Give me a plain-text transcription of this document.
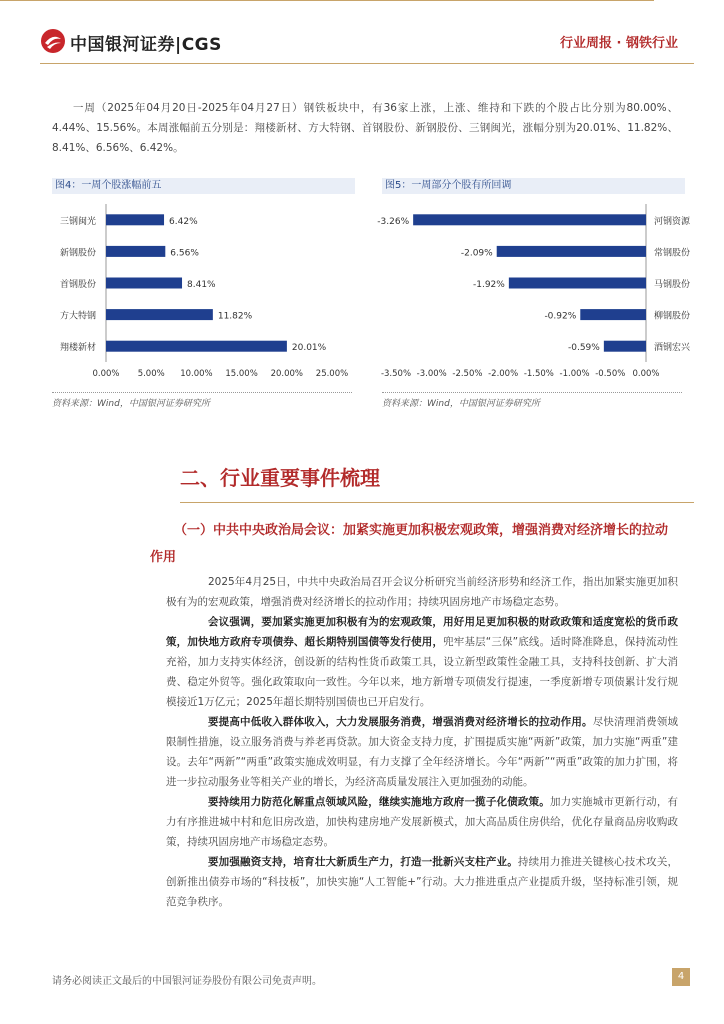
中国银河证券|CGS	行业周报 · 钢铁行业
一周（2025年04月20日-2025年04月27日）钢铁板块中，有36家上涨，上涨、维持和下跌的个股占比分别为80.00%、4.44%、15.56%。本周涨幅前五分别是：翔楼新材、方大特钢、首钢股份、新钢股份、三钢闽光，涨幅分别为20.01%、11.82%、8.41%、6.56%、6.42%。
图4：一周个股涨幅前五
三钢闽光	6.42%
新钢股份	6.56%
首钢股份	8.41%
方大特钢	11.82%
翔楼新材	20.01%
0.00% 5.00% 10.00% 15.00% 20.00% 25.00%
资料来源：Wind，中国银河证券研究所
图5：一周部分个股有所回调
河钢资源
-3.26%
常钢股份
-2.09%
马钢股份
-1.92%
柳钢股份
-0.92%
酒钢宏兴
-0.59%
-3.50% -3.00% -2.50% -2.00% -1.50% -1.00% -0.50% 0.00%
资料来源：Wind，中国银河证券研究所
二、行业重要事件梳理
（一）中共中央政治局会议：加紧实施更加积极宏观政策，增强消费对经济增长的拉动作用
2025年4月25日，中共中央政治局召开会议分析研究当前经济形势和经济工作，指出加紧实施更加积极有为的宏观政策，增强消费对经济增长的拉动作用；持续巩固房地产市场稳定态势。
会议强调，要加紧实施更加积极有为的宏观政策，用好用足更加积极的财政政策和适度宽松的货币政策，加快地方政府专项债券、超长期特别国债等发行使用，兜牢基层“三保”底线。适时降准降息，保持流动性充裕，加力支持实体经济，创设新的结构性货币政策工具，设立新型政策性金融工具，支持科技创新、扩大消费、稳定外贸等。强化政策取向一致性。今年以来，地方新增专项债发行提速，一季度新增专项债累计发行规模接近1万亿元；2025年超长期特别国债也已开启发行。
要提高中低收入群体收入，大力发展服务消费，增强消费对经济增长的拉动作用。尽快清理消费领域限制性措施，设立服务消费与养老再贷款。加大资金支持力度，扩围提质实施“两新”政策，加力实施“两重”建设。去年“两新”“两重”政策实施成效明显，有力支撑了全年经济增长。今年“两新”“两重”政策的加力扩围，将进一步拉动服务业等相关产业的增长，为经济高质量发展注入更加强劲的动能。
要持续用力防范化解重点领域风险，继续实施地方政府一揽子化债政策。加力实施城市更新行动，有力有序推进城中村和危旧房改造，加快构建房地产发展新模式，加大高品质住房供给，优化存量商品房收购政策，持续巩固房地产市场稳定态势。
要加强融资支持，培育壮大新质生产力，打造一批新兴支柱产业。持续用力推进关键核心技术攻关，创新推出债券市场的“科技板”，加快实施“人工智能+”行动。大力推进重点产业提质升级，坚持标准引领，规范竞争秩序。
请务必阅读正文最后的中国银河证券股份有限公司免责声明。	4
